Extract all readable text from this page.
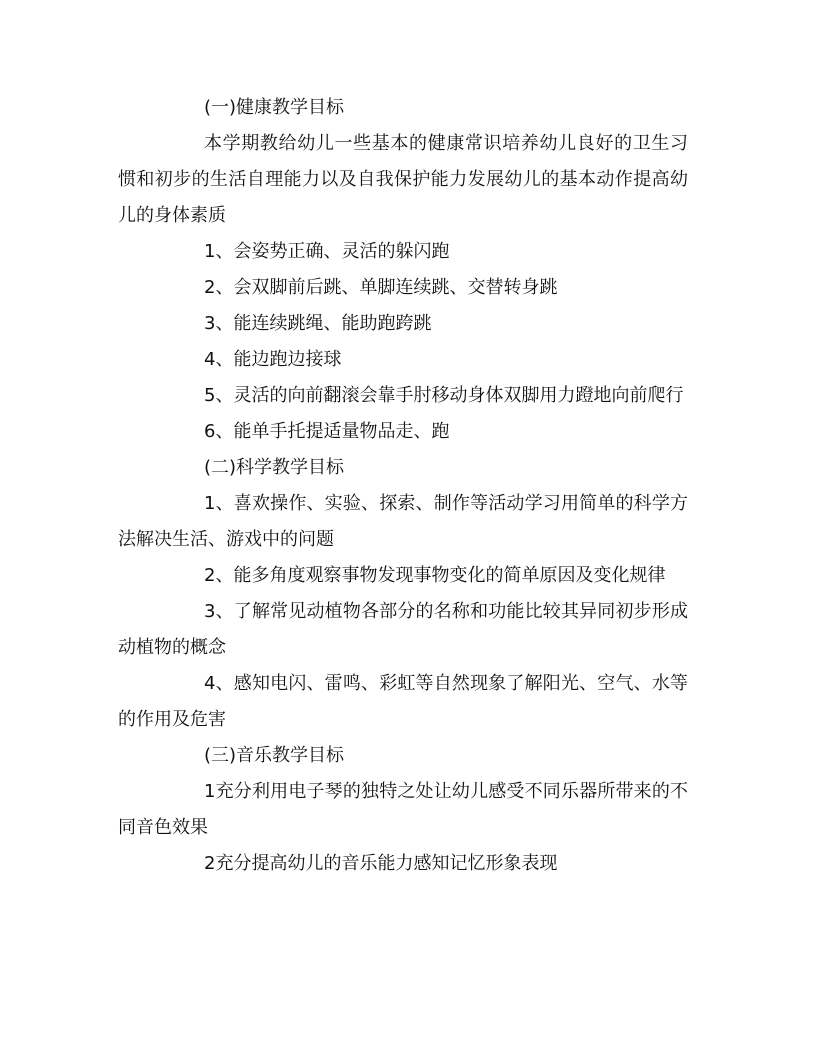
(一)健康教学目标

本学期教给幼儿一些基本的健康常识培养幼儿良好的卫生习惯和初步的生活自理能力以及自我保护能力发展幼儿的基本动作提高幼儿的身体素质

1、会姿势正确、灵活的躲闪跑

2、会双脚前后跳、单脚连续跳、交替转身跳

3、能连续跳绳、能助跑跨跳

4、能边跑边接球

5、灵活的向前翻滚会靠手肘移动身体双脚用力蹬地向前爬行

6、能单手托提适量物品走、跑

(二)科学教学目标

1、喜欢操作、实验、探索、制作等活动学习用简单的科学方法解决生活、游戏中的问题

2、能多角度观察事物发现事物变化的简单原因及变化规律

3、了解常见动植物各部分的名称和功能比较其异同初步形成动植物的概念

4、感知电闪、雷鸣、彩虹等自然现象了解阳光、空气、水等的作用及危害

(三)音乐教学目标

1充分利用电子琴的独特之处让幼儿感受不同乐器所带来的不同音色效果

2充分提高幼儿的音乐能力感知记忆形象表现
